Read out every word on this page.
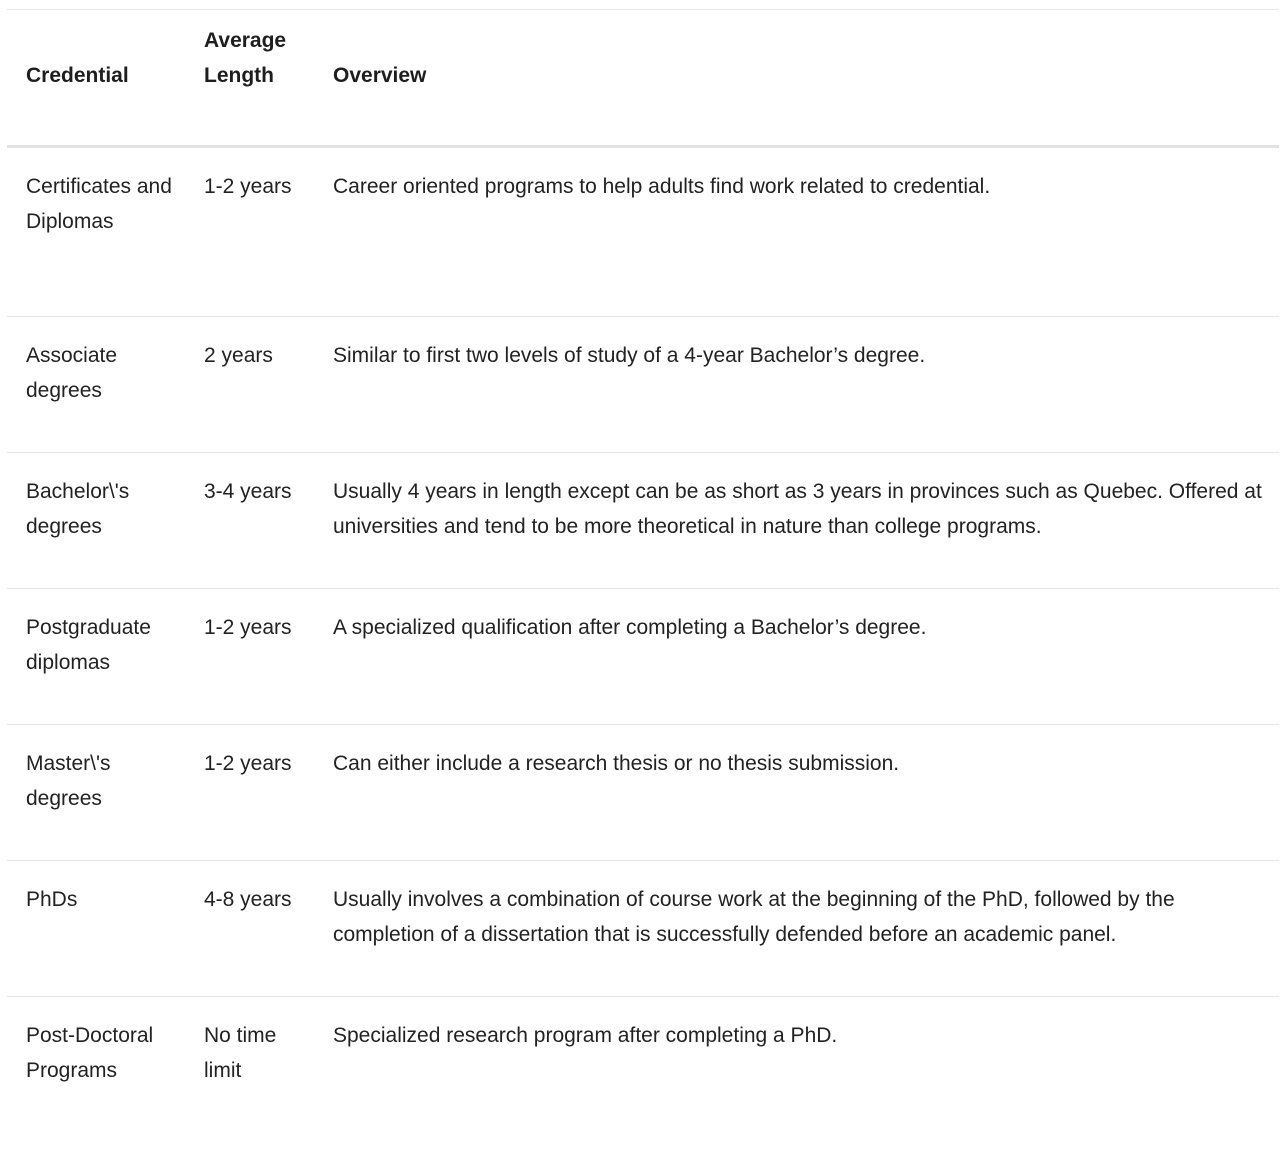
Credential	Average Length	Overview
Certificates and Diplomas	1-2 years	Career oriented programs to help adults find work related to credential.
Associate degrees	2 years	Similar to first two levels of study of a 4-year Bachelor’s degree.
Bachelor\'s degrees	3-4 years	Usually 4 years in length except can be as short as 3 years in provinces such as Quebec. Offered at universities and tend to be more theoretical in nature than college programs.
Postgraduate diplomas	1-2 years	A specialized qualification after completing a Bachelor’s degree.
Master\'s degrees	1-2 years	Can either include a research thesis or no thesis submission.
PhDs	4-8 years	Usually involves a combination of course work at the beginning of the PhD, followed by the completion of a dissertation that is successfully defended before an academic panel.
Post-Doctoral Programs	No time limit	Specialized research program after completing a PhD.
